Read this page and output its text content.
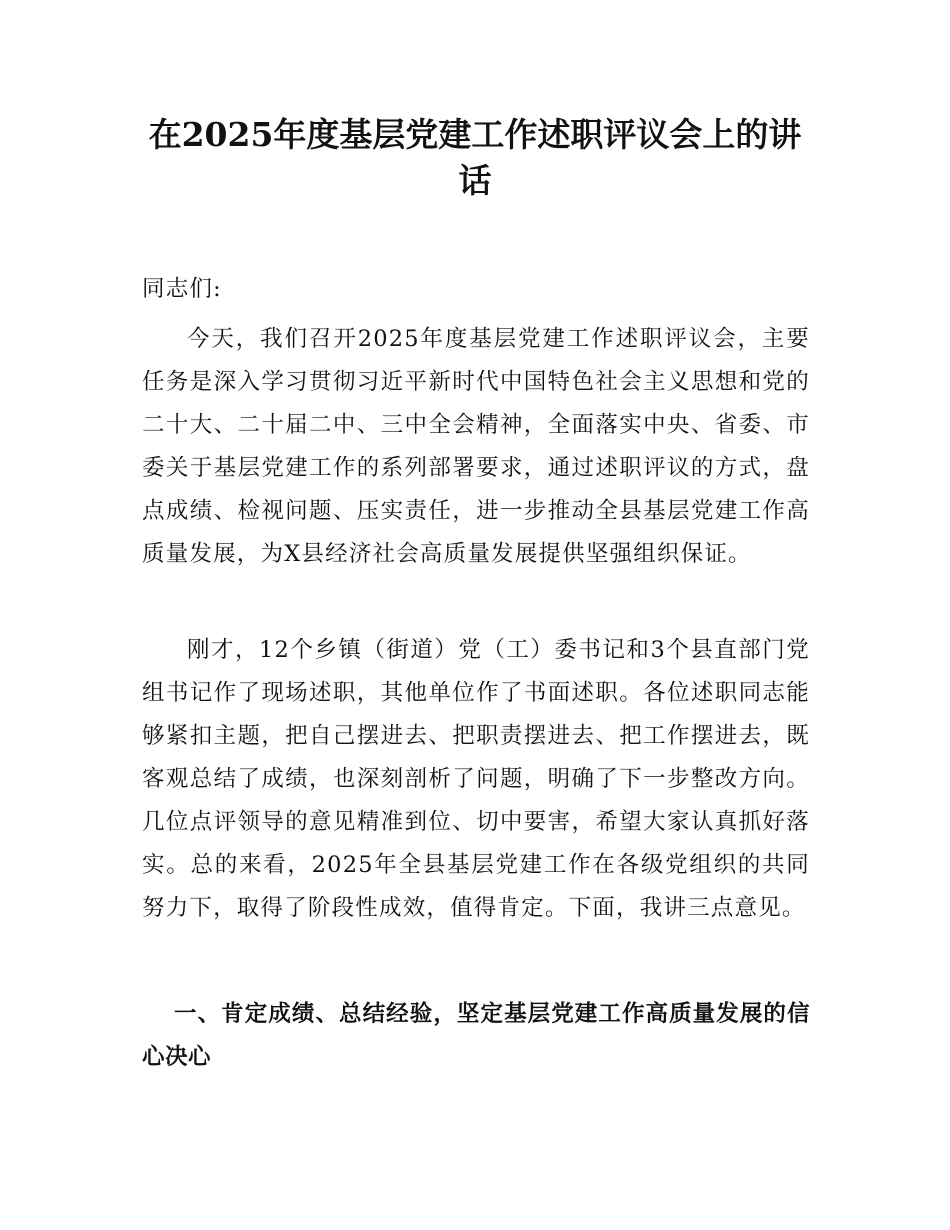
在2025年度基层党建工作述职评议会上的讲话

同志们:

今天，我们召开2025年度基层党建工作述职评议会，主要任务是深入学习贯彻习近平新时代中国特色社会主义思想和党的二十大、二十届二中、三中全会精神，全面落实中央、省委、市委关于基层党建工作的系列部署要求，通过述职评议的方式，盘点成绩、检视问题、压实责任，进一步推动全县基层党建工作高质量发展，为X县经济社会高质量发展提供坚强组织保证。

刚才，12个乡镇（街道）党（工）委书记和3个县直部门党组书记作了现场述职，其他单位作了书面述职。各位述职同志能够紧扣主题，把自己摆进去、把职责摆进去、把工作摆进去，既客观总结了成绩，也深刻剖析了问题，明确了下一步整改方向。几位点评领导的意见精准到位、切中要害，希望大家认真抓好落实。总的来看，2025年全县基层党建工作在各级党组织的共同努力下，取得了阶段性成效，值得肯定。下面，我讲三点意见。

一、肯定成绩、总结经验，坚定基层党建工作高质量发展的信心决心
